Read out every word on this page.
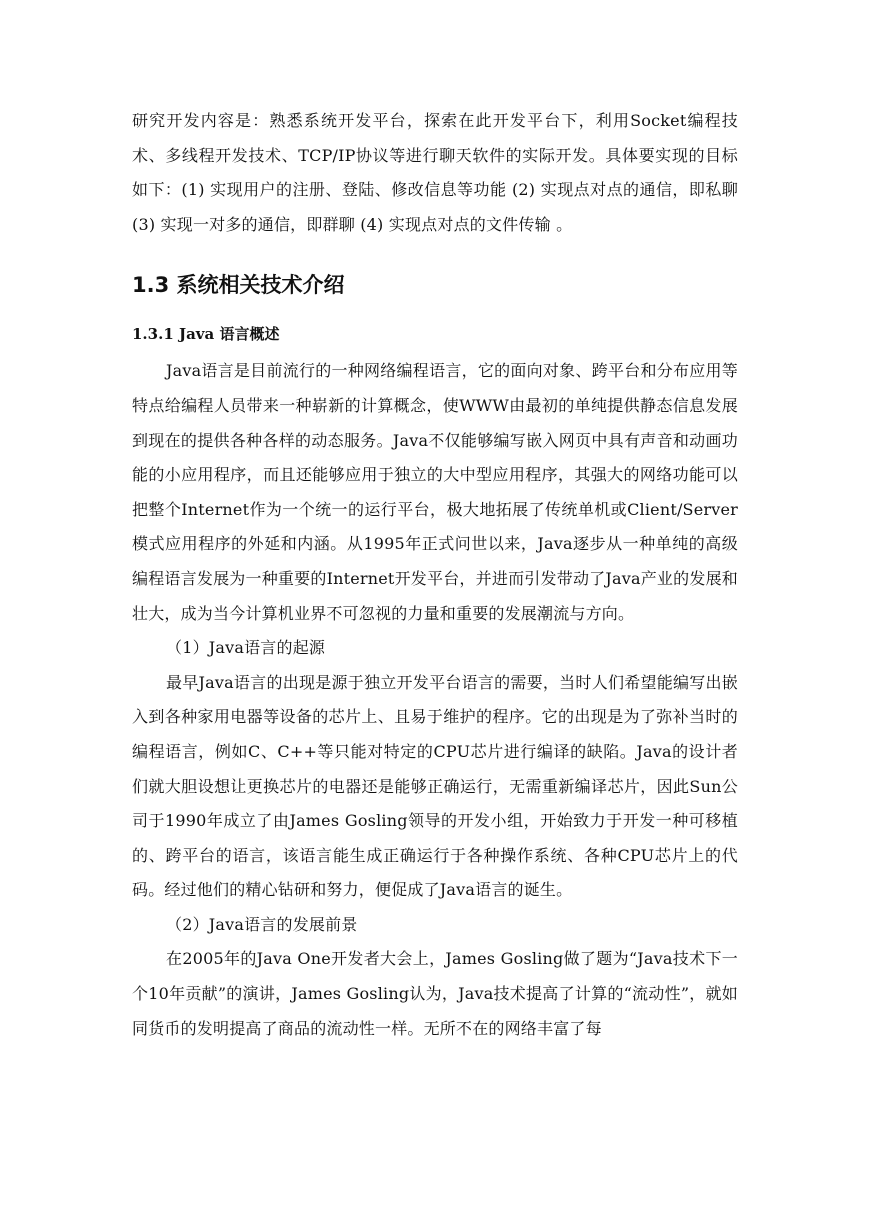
研究开发内容是：熟悉系统开发平台，探索在此开发平台下，利用Socket编程技术、多线程开发技术、TCP/IP协议等进行聊天软件的实际开发。具体要实现的目标如下：(1) 实现用户的注册、登陆、修改信息等功能 (2) 实现点对点的通信，即私聊(3) 实现一对多的通信，即群聊 (4) 实现点对点的文件传输 。

1.3 系统相关技术介绍
1.3.1 Java 语言概述

Java语言是目前流行的一种网络编程语言，它的面向对象、跨平台和分布应用等特点给编程人员带来一种崭新的计算概念，使WWW由最初的单纯提供静态信息发展到现在的提供各种各样的动态服务。Java不仅能够编写嵌入网页中具有声音和动画功能的小应用程序，而且还能够应用于独立的大中型应用程序，其强大的网络功能可以把整个Internet作为一个统一的运行平台，极大地拓展了传统单机或Client/Server模式应用程序的外延和内涵。从1995年正式问世以来，Java逐步从一种单纯的高级编程语言发展为一种重要的Internet开发平台，并进而引发带动了Java产业的发展和壮大，成为当今计算机业界不可忽视的力量和重要的发展潮流与方向。

（1）Java语言的起源

最早Java语言的出现是源于独立开发平台语言的需要，当时人们希望能编写出嵌入到各种家用电器等设备的芯片上、且易于维护的程序。它的出现是为了弥补当时的编程语言，例如C、C++等只能对特定的CPU芯片进行编译的缺陷。Java的设计者们就大胆设想让更换芯片的电器还是能够正确运行，无需重新编译芯片，因此Sun公司于1990年成立了由James Gosling领导的开发小组，开始致力于开发一种可移植的、跨平台的语言，该语言能生成正确运行于各种操作系统、各种CPU芯片上的代码。经过他们的精心钻研和努力，便促成了Java语言的诞生。

（2）Java语言的发展前景

在2005年的Java One开发者大会上，James Gosling做了题为“Java技术下一个10年贡献”的演讲，James Gosling认为，Java技术提高了计算的“流动性”，就如同货币的发明提高了商品的流动性一样。无所不在的网络丰富了每
